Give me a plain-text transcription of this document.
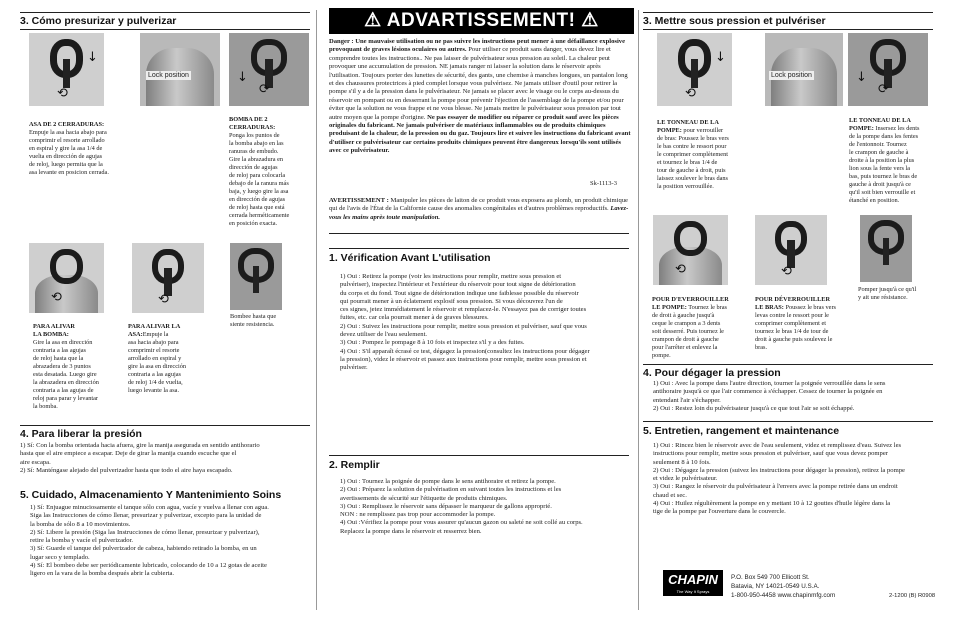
3. Cómo presurizar y pulverizar
⟲
↓
Lock position	↓
⟳

ASA DE 2 CERRADURAS:
Empuje la asa hacia abajo para
comprimir el resorte arrollado
en espiral y gire la asa 1/4 de
vuelta en dirección de agujas
de reloj, luego permita que la
asa levante en posicion cerrada.

BOMBA DE 2
CERRADURAS:
Ponga los puntos de
la bomba abajo en las
ranuras de embudo.
Gire la abrazadura en
dirección de agujas
de reloj para colocarla
debajo de la ranura más
baja, y luego gire la asa
en dirección de agujas
de reloj hasta que está
cerrada herméticamente
en posición exacta.

⟲	⟲

PARA ALIVAR
LA BOMBA:
Gire la asa en dirección
contraria a las agujas
de reloj hasta que la
abrazadera de 3 puntos
esta desatada. Luego gire
la abrazadera en dirección
contraria a las agujas de
reloj para parar y levantar
la bomba.

PARA ALIVAR LA
ASA:Empuje la
asa hacia abajo para
comprimir el resorte
arrollado en espiral y
gire la asa en dirección
contraria a las agujas
de reloj 1/4 de vuelta,
luego levante la asa.

Bombee hasta que
siente resistencia.
4. Para liberar la presión
1) Sí: Con la bomba orientada hacia afuera, gire la manija asegurada en sentido antihorario
hasta que el aire empiece a escapar. Deje de girar la manija cuando escuche que el
aire escapa.
2) Sí: Manténgase alejado del pulverizador hasta que todo el aire haya escapado.
5. Cuidado, Almacenamiento Y Mantenimiento Soins
1) Sí: Enjuague minuciosamente el tanque sólo con agua, vacíe y vuelva a llenar con agua.
Siga las Instrucciones de cómo llenar, presurizar y pulverizar, excepto para la unidad de
la bomba de sólo 8 a 10 movimientos.
2) Sí: Libere la presión (Siga las Instrucciones de cómo llenar, presurizar y pulverizar),
retire la bomba y vacíe el pulverizador.
3) Sí: Guarde el tanque del pulverizador de cabeza, habiendo retirado la bomba, en un
lugar seco y templado.
4) Sí: El bombeo debe ser periódicamente lubricado, colocando de 10 a 12 gotas de aceite
ligero en la vara de la bomba después abrir la cubierta.
⚠ ADVARTISSEMENT! ⚠
Danger : Une mauvaise utilisation ou ne pas suivre les instructions peut mener à une défaillance explosive provoquant de graves lésions oculaires ou autres. Pour utiliser ce produit sans danger, vous devez lire et comprendre toutes les instructions.. Ne pas laisser de pulvérisateur sous pression au soleil. La chaleur peut provoquer une accumulation de pression. NE jamais ranger ni laisser la solution dans le réservoir après l'utilisation. Toujours porter des lunettes de sécurité, des gants, une chemise à manches longues, un pantalon long et des chaussures protectrices à pied complet lorsque vous pulvérisez. Ne jamais utiliser d'outil pour retirer la pompe s'il y a de la pression dans le pulvérisateur. Ne jamais se placer avec le visage ou le corps au-dessus du réservoir en pompant ou en desserrant la pompe pour prévenir l'éjection de l'assemblage de la pompe et/ou pour éviter que la solution ne vous frappe et ne vous blesse. Ne jamais mettre le pulvérisateur sous pression par tout autre moyen que la pompe d'origine. Ne pas essayer de modifier ou réparer ce produit sauf avec les pièces originales du fabricant. Ne jamais pulvériser de matériaux inflammables ou de produits chimiques produisant de la chaleur, de la pression ou du gaz. Toujours lire et suivre les instructions du fabricant avant d'utiliser ce pulvérisateur car certains produits chimiques peuvent être dangereux lorsqu'ils sont utilisés avec ce pulvérisateur.
Sk-1113-3
AVERTISSEMENT : Manipuler les pièces de laiton de ce produit vous exposera au plomb, un produit chimique qui de l'avis de l'État de la Californie cause des anomalies congénitales et d'autres problèmes reproductifs. Lavez-vous les mains après toute manipulation.
1. Vérification Avant L'utilisation
1) Oui : Retirez la pompe (voir les instructions pour remplir, mettre sous pression et
pulvériser), inspectez l'intérieur et l'extérieur du réservoir pour tout signe de détérioration
du corps et du fond. Tout signe de détérioration indique une faiblesse possible du réservoir
qui pourrait mener à un éclatement explosif sous pression. Si vous découvrez l'un de
ces signes, jetez immédiatement le réservoir et remplacez-le. N'essayez pas de corriger toutes
fuites, etc. car cela pourrait mener à de graves blessures.
2) Oui : Suivez les instructions pour remplir, mettre sous pression et pulvériser, sauf que vous
devez utiliser de l'eau seulement.
3) Oui : Pompez le pompage 8 à 10 fois et inspectez s'il y a des fuites.
4) Oui : S'il apparaît écrasé ce test, dégagez la pression(consultez les instructions pour dégager
la pression), videz le réservoir et passez aux instructions pour remplir, mettre sous pression et
pulvériser.
2. Remplir
1) Oui : Tournez la poignée de pompe dans le sens antihoraire et retirez la pompe.
2) Oui : Préparez la solution de pulvérisation en suivant toutes les instructions et les
avertissements de sécurité sur l'étiquette de produits chimiques.
3) Oui : Remplissez le réservoir sans dépasser le marqueur de gallons approprié.
NON : ne remplissez pas trop pour accommoder la pompe.
4) Oui :Vérifiez la pompe pour vous assurer qu'aucun gazon ou saleté ne soit collé au corps.
Replacez la pompe dans le réservoir et resserrez bien.
3. Mettre sous pression et pulvériser
⟲
↓
Lock position	↓
⟳

LE TONNEAU DE LA
POMPE: pour verrouiller
de bras: Poussez le bras vers
le bas contre le ressort pour
le comprimer complètement
et tournez le bras 1/4 de
tour de gauche à droit, puis
laissez soulever le bras dans
la position verrouillée.

LE TONNEAU DE LA
POMPE: Insersez les dents
de la pompe dans les fentes
de l'entonnoir. Tournez
le crampon de gauche à
droite à la position la plus
lion sous la fente vers la
bas, puis tournez le bras de
gauche à droit jusqu'à ce
qu'il soit bien verrouille et
étanché en position.

⟲	⟲

POUR D'EVERROUILLER
LE POMPE: Tournez le bras
de droit à gauche jusqu'à
ceque le crampon a 3 dents
soit desserré. Puis tournez le
crampon de droit à gauche
pour l'arrêter et enlevez la
pompe.

POUR DÉVERROUILLER
LE BRAS: Poussez le bras vers
levas contre le ressort pour le
comprimer complètement et
tournez le bras 1/4 de tour de
droit à gauche puis soulevez le
bras.

Pomper jusqu'à ce qu'il
y ait une résistance.
4. Pour dégager la pression
1) Oui : Avec la pompe dans l'autre direction, tourner la poignée verrouillée dans le sens
antihoraire jusqu'à ce que l'air commence à s'échapper. Cessez de tourner la poignée en
entendant l'air s'échapper.
2) Oui : Restez loin du pulvérisateur jusqu'à ce que tout l'air se soit échappé.
5. Entretien, rangement et maintenance
1) Oui : Rincez bien le réservoir avec de l'eau seulement, videz et remplissez d'eau. Suivez les
instructions pour remplir, mettre sous pression et pulvériser, sauf que vous devez pomper
seulement 8 à 10 fois.
2) Oui : Dégagez la pression (suivez les instructions pour dégager la pression), retirez la pompe
et videz le pulvérisateur.
3) Oui : Rangez le réservoir du pulvérisateur à l'envers avec la pompe retirée dans un endroit
chaud et sec.
4) Oui : Huilez régulièrement la pompe en y mettant 10 à 12 gouttes d'huile légère dans la
tige de la pompe par l'ouverture dans le couvercle.
CHAPIN
The Way It Sprays
P.O. Box 549 700 Ellicott St.
Batavia, NY 14021-0549 U.S.A.
1-800-950-4458 www.chapinmfg.com	2-1200 (B) R0908
